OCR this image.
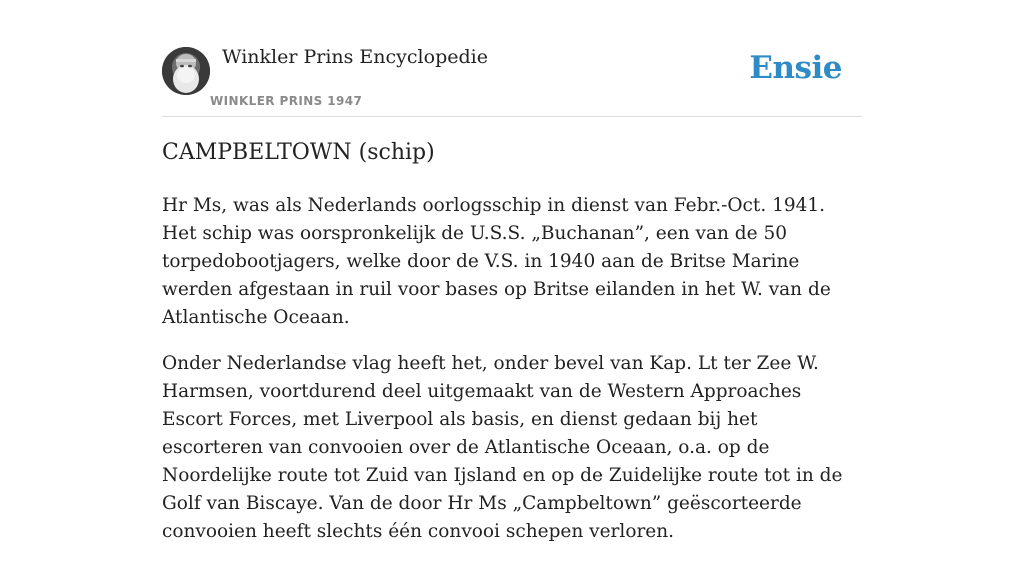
Winkler Prins Encyclopedie
WINKLER PRINS 1947
Ensie
CAMPBELTOWN (schip)

Hr Ms, was als Nederlands oorlogsschip in dienst van Febr.-Oct. 1941. Het schip was oorspronkelijk de U.S.S. „Buchanan”, een van de 50 torpedobootjagers, welke door de V.S. in 1940 aan de Britse Marine werden afgestaan in ruil voor bases op Britse eilanden in het W. van de Atlantische Oceaan.

Onder Nederlandse vlag heeft het, onder bevel van Kap. Lt ter Zee W. Harmsen, voortdurend deel uitgemaakt van de Western Approaches Escort Forces, met Liverpool als basis, en dienst gedaan bij het escorteren van convooien over de Atlantische Oceaan, o.a. op de Noordelijke route tot Zuid van Ijsland en op de Zuidelijke route tot in de Golf van Biscaye. Van de door Hr Ms „Campbeltown” geëscorteerde convooien heeft slechts één convooi schepen verloren.
